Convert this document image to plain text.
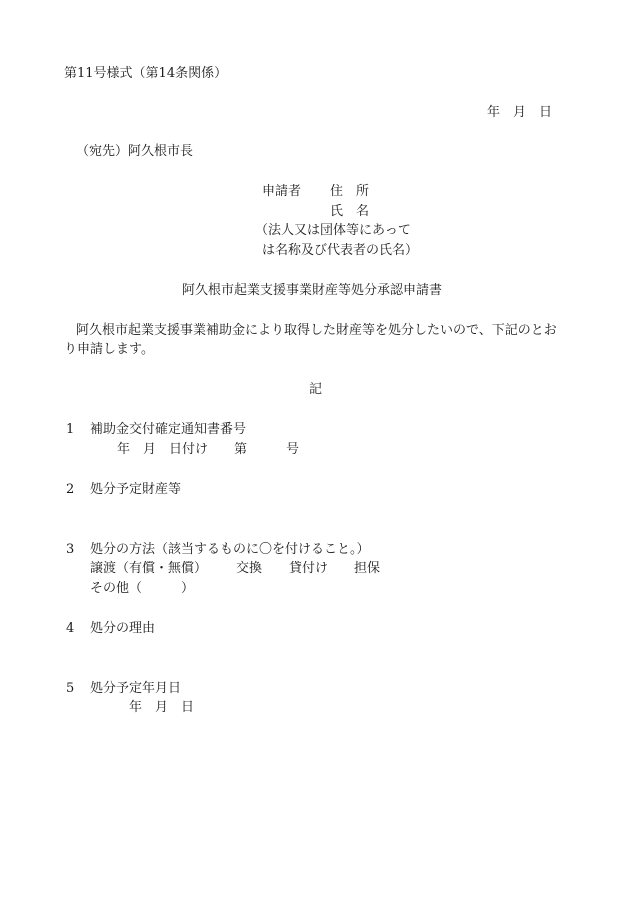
第11号様式（第14条関係）
年　月　日
（宛先）阿久根市長
申請者 住　所
氏　名
（法人又は団体等にあって
は名称及び代表者の氏名）
阿久根市起業支援事業財産等処分承認申請書
阿久根市起業支援事業補助金により取得した財産等を処分したいので、下記のとお
り申請します。
記
1 補助金交付確定通知書番号
年　月　日付け　　第　　　号
2 処分予定財産等
3 処分の方法（該当するものに〇を付けること。）
譲渡（有償・無償） 交換 貸付け 担保
その他（　　　）
4 処分の理由
5 処分予定年月日
年　月　日
